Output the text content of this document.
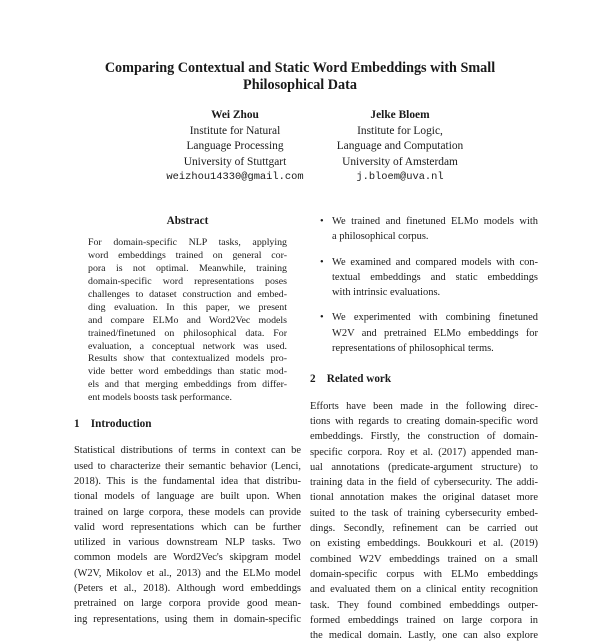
Comparing Contextual and Static Word Embeddings with Small
Philosophical Data
Wei Zhou
Institute for Natural
Language Processing
University of Stuttgart
weizhou14330@gmail.com
Jelke Bloem
Institute for Logic,
Language and Computation
University of Amsterdam
j.bloem@uva.nl
Abstract
For domain-specific NLP tasks, applying
word embeddings trained on general cor-
pora is not optimal. Meanwhile, training
domain-specific word representations poses
challenges to dataset construction and embed-
ding evaluation. In this paper, we present
and compare ELMo and Word2Vec models
trained/finetuned on philosophical data. For
evaluation, a conceptual network was used.
Results show that contextualized models pro-
vide better word embeddings than static mod-
els and that merging embeddings from differ-
ent models boosts task performance.
1    Introduction
Statistical distributions of terms in context can be
used to characterize their semantic behavior (Lenci,
2018). This is the fundamental idea that distribu-
tional models of language are built upon. When
trained on large corpora, these models can provide
valid word representations which can be further
utilized in various downstream NLP tasks. Two
common models are Word2Vec's skipgram model
(W2V, Mikolov et al., 2013) and the ELMo model
(Peters et al., 2018). Although word embeddings
pretrained on large corpora provide good mean-
ing representations, using them in domain-specific
• We trained and finetuned ELMo models with
a philosophical corpus.
• We examined and compared models with con-
textual embeddings and static embeddings
with intrinsic evaluations.
• We experimented with combining finetuned
W2V and pretrained ELMo embeddings for
representations of philosophical terms.
2    Related work
Efforts have been made in the following direc-
tions with regards to creating domain-specific word
embeddings. Firstly, the construction of domain-
specific corpora. Roy et al. (2017) appended man-
ual annotations (predicate-argument structure) to
training data in the field of cybersecurity. The addi-
tional annotation makes the original dataset more
suited to the task of training cybersecurity embed-
dings. Secondly, refinement can be carried out
on existing embeddings. Boukkouri et al. (2019)
combined W2V embeddings trained on a small
domain-specific corpus with ELMo embeddings
and evaluated them on a clinical entity recognition
task. They found combined embeddings outper-
formed embeddings trained on large corpora in
the medical domain. Lastly, one can also explore
